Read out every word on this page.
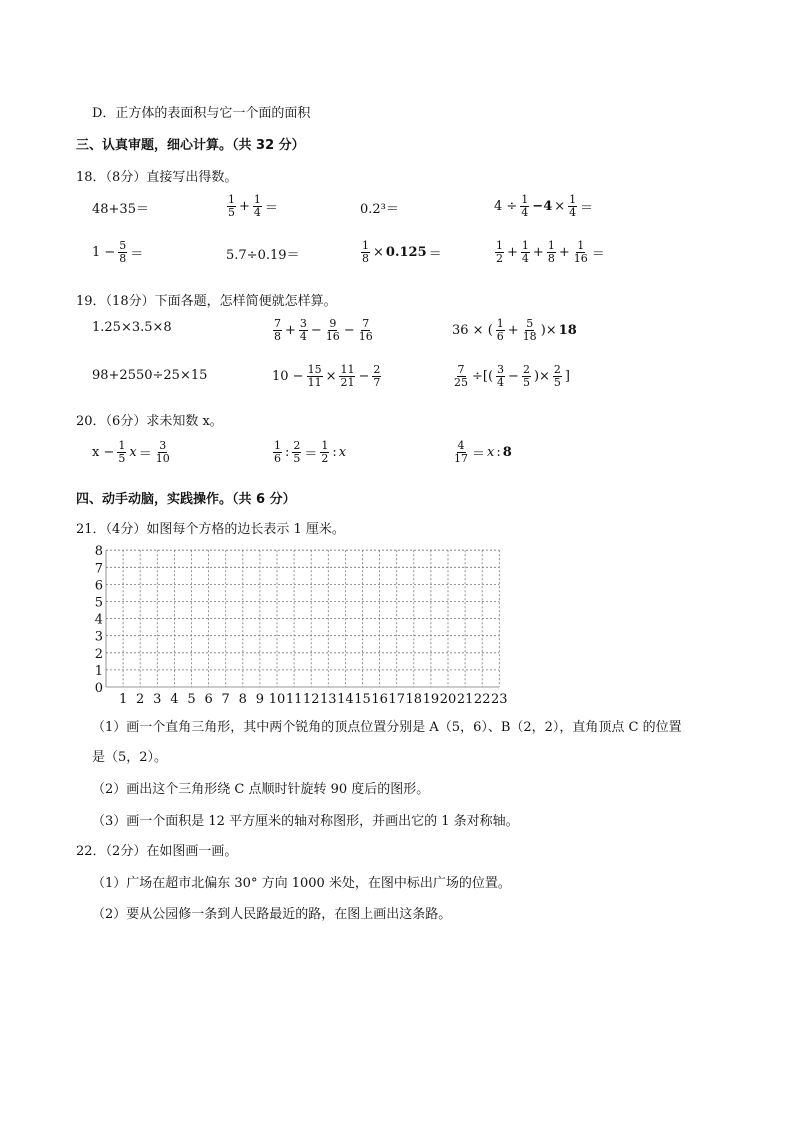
D．正方体的表面积与它一个面的面积
三、认真审题，细心计算。（共 32 分）
18．（8分）直接写出得数。
48+35＝	$\frac{1}{5} + \frac{1}{4}$ ＝	0.2³＝	$4 \div \frac{1}{4} -4 \times \frac{1}{4}$ ＝
$1 - \frac{5}{8}$ ＝	5.7÷0.19＝	$\frac{1}{8} \times 0.125$ ＝	$\frac{1}{2} + \frac{1}{4} + \frac{1}{8} + \frac{1}{16}$ ＝
19．（18分）下面各题，怎样简便就怎样算。
1.25×3.5×8	$\frac{7}{8} + \frac{3}{4} - \frac{9}{16} - \frac{7}{16}$	36 × ( $\frac{1}{6} + \frac{5}{18}$ )× 18
98+2550÷25×15	$10 - \frac{15}{11} \times \frac{11}{21} - \frac{2}{7}$	$\frac{7}{25}$ ÷[( $\frac{3}{4} - \frac{2}{5}$ )× $\frac{2}{5}$ ]
20．（6分）求未知数 x。
$x - \frac{1}{5}$ $x = \frac{3}{10}$	$\frac{1}{6}$ : $\frac{2}{5} = \frac{1}{2}$ : x	$\frac{4}{17} = x$ : 8
四、动手动脑，实践操作。（共 6 分）
21．（4分）如图每个方格的边长表示 1 厘米。
0
1
2
3
4
5
6
7
8
1 2 3 4 5 6 7 8 9 10 11 12 13 14 15 16 17 18 19 20 21 22 23
（1）画一个直角三角形，其中两个锐角的顶点位置分别是 A（5，6）、B（2，2），直角顶点 C 的位置
是（5，2）。
（2）画出这个三角形绕 C 点顺时针旋转 90 度后的图形。
（3）画一个面积是 12 平方厘米的轴对称图形，并画出它的 1 条对称轴。
22．（2分）在如图画一画。
（1）广场在超市北偏东 30° 方向 1000 米处，在图中标出广场的位置。
（2）要从公园修一条到人民路最近的路，在图上画出这条路。
